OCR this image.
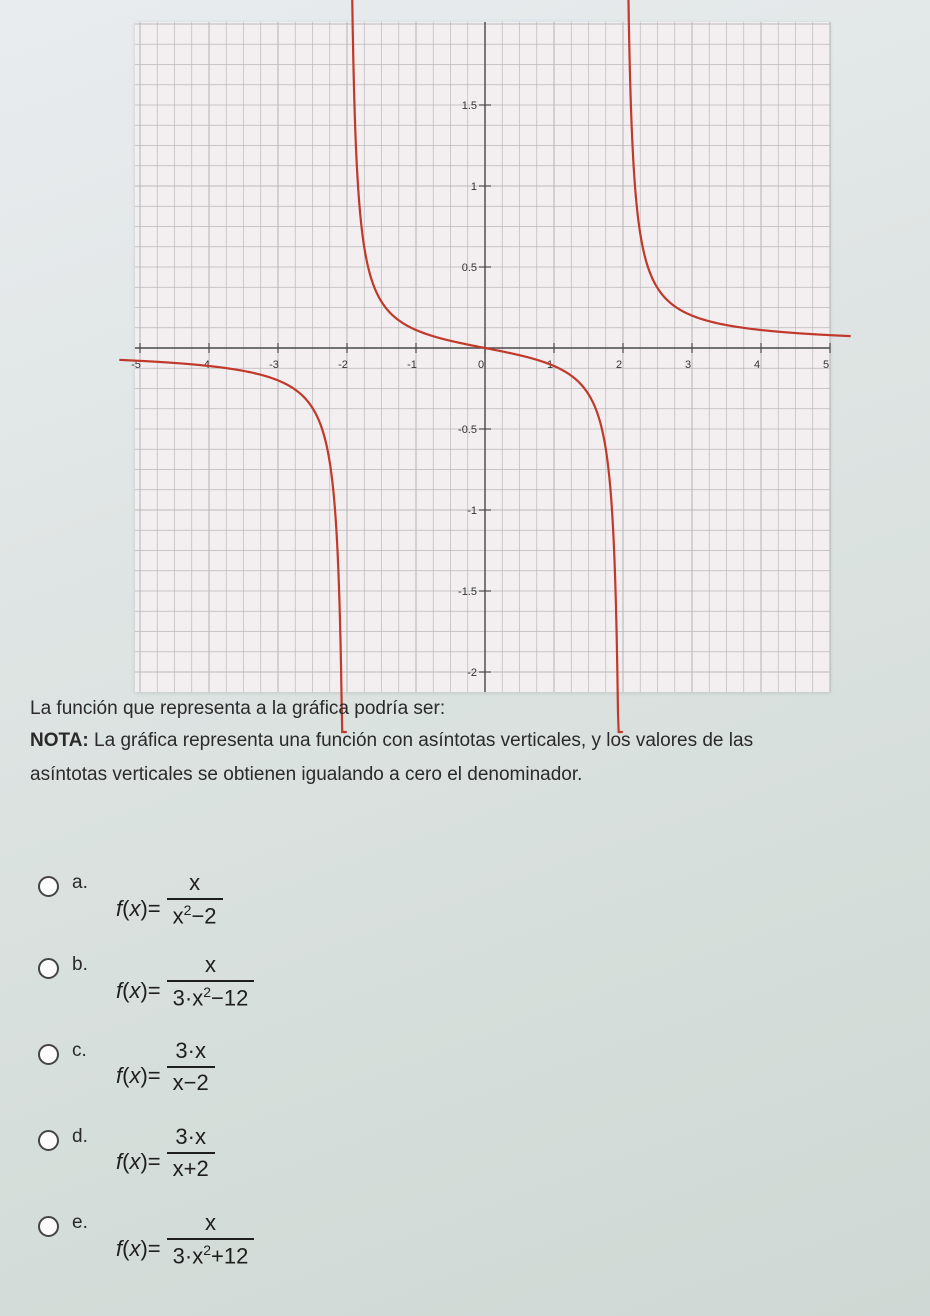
-5	-4	-3	-2	-1	0	1	2	3	4	5
1.5
1
0.5
-0.5
-1
-1.5
-2
La función que representa a la gráfica podría ser:
NOTA: La gráfica representa una función con asíntotas verticales, y los valores de las
asíntotas verticales se obtienen igualando a cero el denominador.
a.
$f(x)= \frac{x}{x^2-2}$
b.
$f(x)= \frac{x}{3\cdot x^2-12}$
c.
$f(x)= \frac{3\cdot x}{x-2}$
d.
$f(x)= \frac{3\cdot x}{x+2}$
e.
$f(x)= \frac{x}{3\cdot x^2+12}$
